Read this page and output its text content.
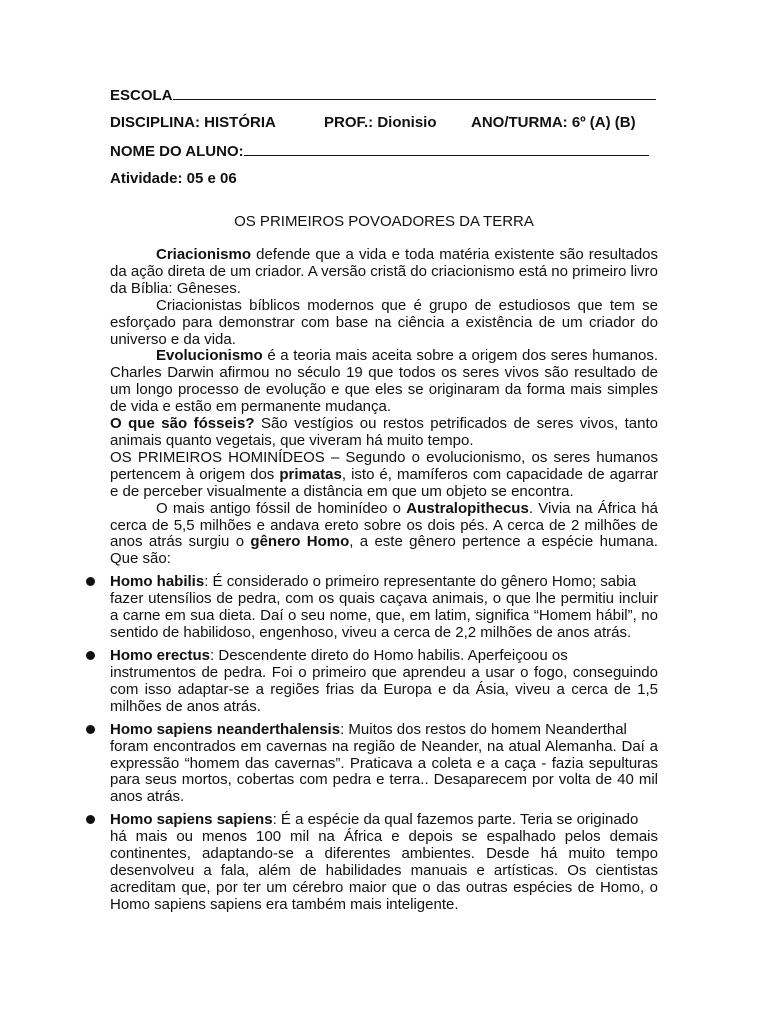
ESCOLA
DISCIPLINA: HISTÓRIA	PROF.: Dionisio ANO/TURMA: 6º (A) (B)
NOME DO ALUNO:
Atividade: 05 e 06
OS PRIMEIROS POVOADORES DA TERRA

Criacionismo defende que a vida e toda matéria existente são resultados da ação direta de um criador. A versão cristã do criacionismo está no primeiro livro da Bíblia: Gêneses.

Criacionistas bíblicos modernos que é grupo de estudiosos que tem se esforçado para demonstrar com base na ciência a existência de um criador do universo e da vida.

Evolucionismo é a teoria mais aceita sobre a origem dos seres humanos. Charles Darwin afirmou no século 19 que todos os seres vivos são resultado de um longo processo de evolução e que eles se originaram da forma mais simples de vida e estão em permanente mudança.

O que são fósseis? São vestígios ou restos petrificados de seres vivos, tanto animais quanto vegetais, que viveram há muito tempo.

OS PRIMEIROS HOMINÍDEOS – Segundo o evolucionismo, os seres humanos pertencem à origem dos primatas, isto é, mamíferos com capacidade de agarrar e de perceber visualmente a distância em que um objeto se encontra.

O mais antigo fóssil de hominídeo o Australopithecus. Vivia na África há cerca de 5,5 milhões e andava ereto sobre os dois pés. A cerca de 2 milhões de anos atrás surgiu o gênero Homo, a este gênero pertence a espécie humana. Que são:

Homo habilis: É considerado o primeiro representante do gênero Homo; sabia
fazer utensílios de pedra, com os quais caçava animais, o que lhe permitiu incluir a carne em sua dieta. Daí o seu nome, que, em latim, significa “Homem hábil”, no sentido de habilidoso, engenhoso, viveu a cerca de 2,2 milhões de anos atrás.
Homo erectus: Descendente direto do Homo habilis. Aperfeiçoou os
instrumentos de pedra. Foi o primeiro que aprendeu a usar o fogo, conseguindo com isso adaptar-se a regiões frias da Europa e da Ásia, viveu a cerca de 1,5 milhões de anos atrás.
Homo sapiens neanderthalensis: Muitos dos restos do homem Neanderthal
foram encontrados em cavernas na região de Neander, na atual Alemanha. Daí a expressão “homem das cavernas”. Praticava a coleta e a caça - fazia sepulturas para seus mortos, cobertas com pedra e terra.. Desaparecem por volta de 40 mil anos atrás.
Homo sapiens sapiens: É a espécie da qual fazemos parte. Teria se originado
há mais ou menos 100 mil na África e depois se espalhado pelos demais continentes, adaptando-se a diferentes ambientes. Desde há muito tempo desenvolveu a fala, além de habilidades manuais e artísticas. Os cientistas acreditam que, por ter um cérebro maior que o das outras espécies de Homo, o Homo sapiens sapiens era também mais inteligente.
